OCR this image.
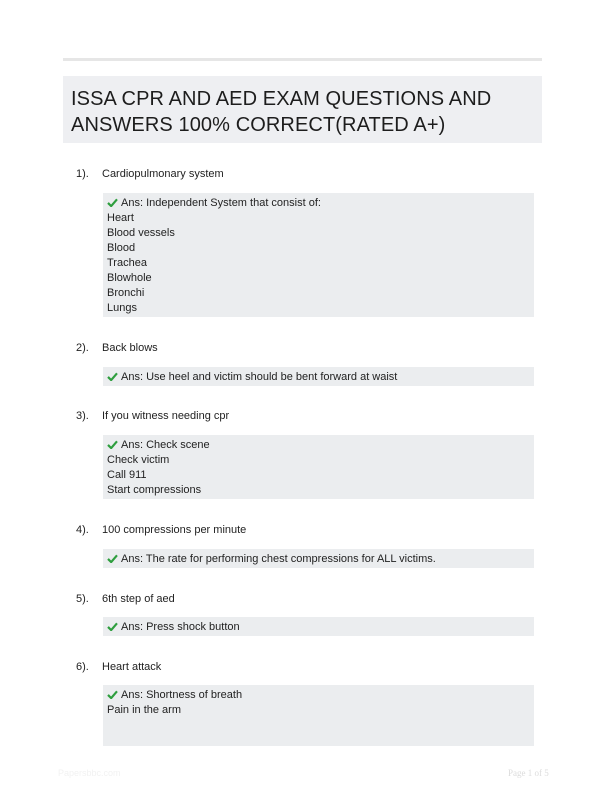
ISSA CPR AND AED EXAM QUESTIONS AND
ANSWERS 100% CORRECT(RATED A+)
1). Cardiopulmonary system
Ans: Independent System that consist of:
Heart
Blood vessels
Blood
Trachea
Blowhole
Bronchi
Lungs
2). Back blows
Ans: Use heel and victim should be bent forward at waist
3). If you witness needing cpr
Ans: Check scene
Check victim
Call 911
Start compressions
4). 100 compressions per minute
Ans: The rate for performing chest compressions for ALL victims.
5). 6th step of aed
Ans: Press shock button
6). Heart attack
Ans: Shortness of breath
Pain in the arm
Papersbbc.com	Page 1 of 5
